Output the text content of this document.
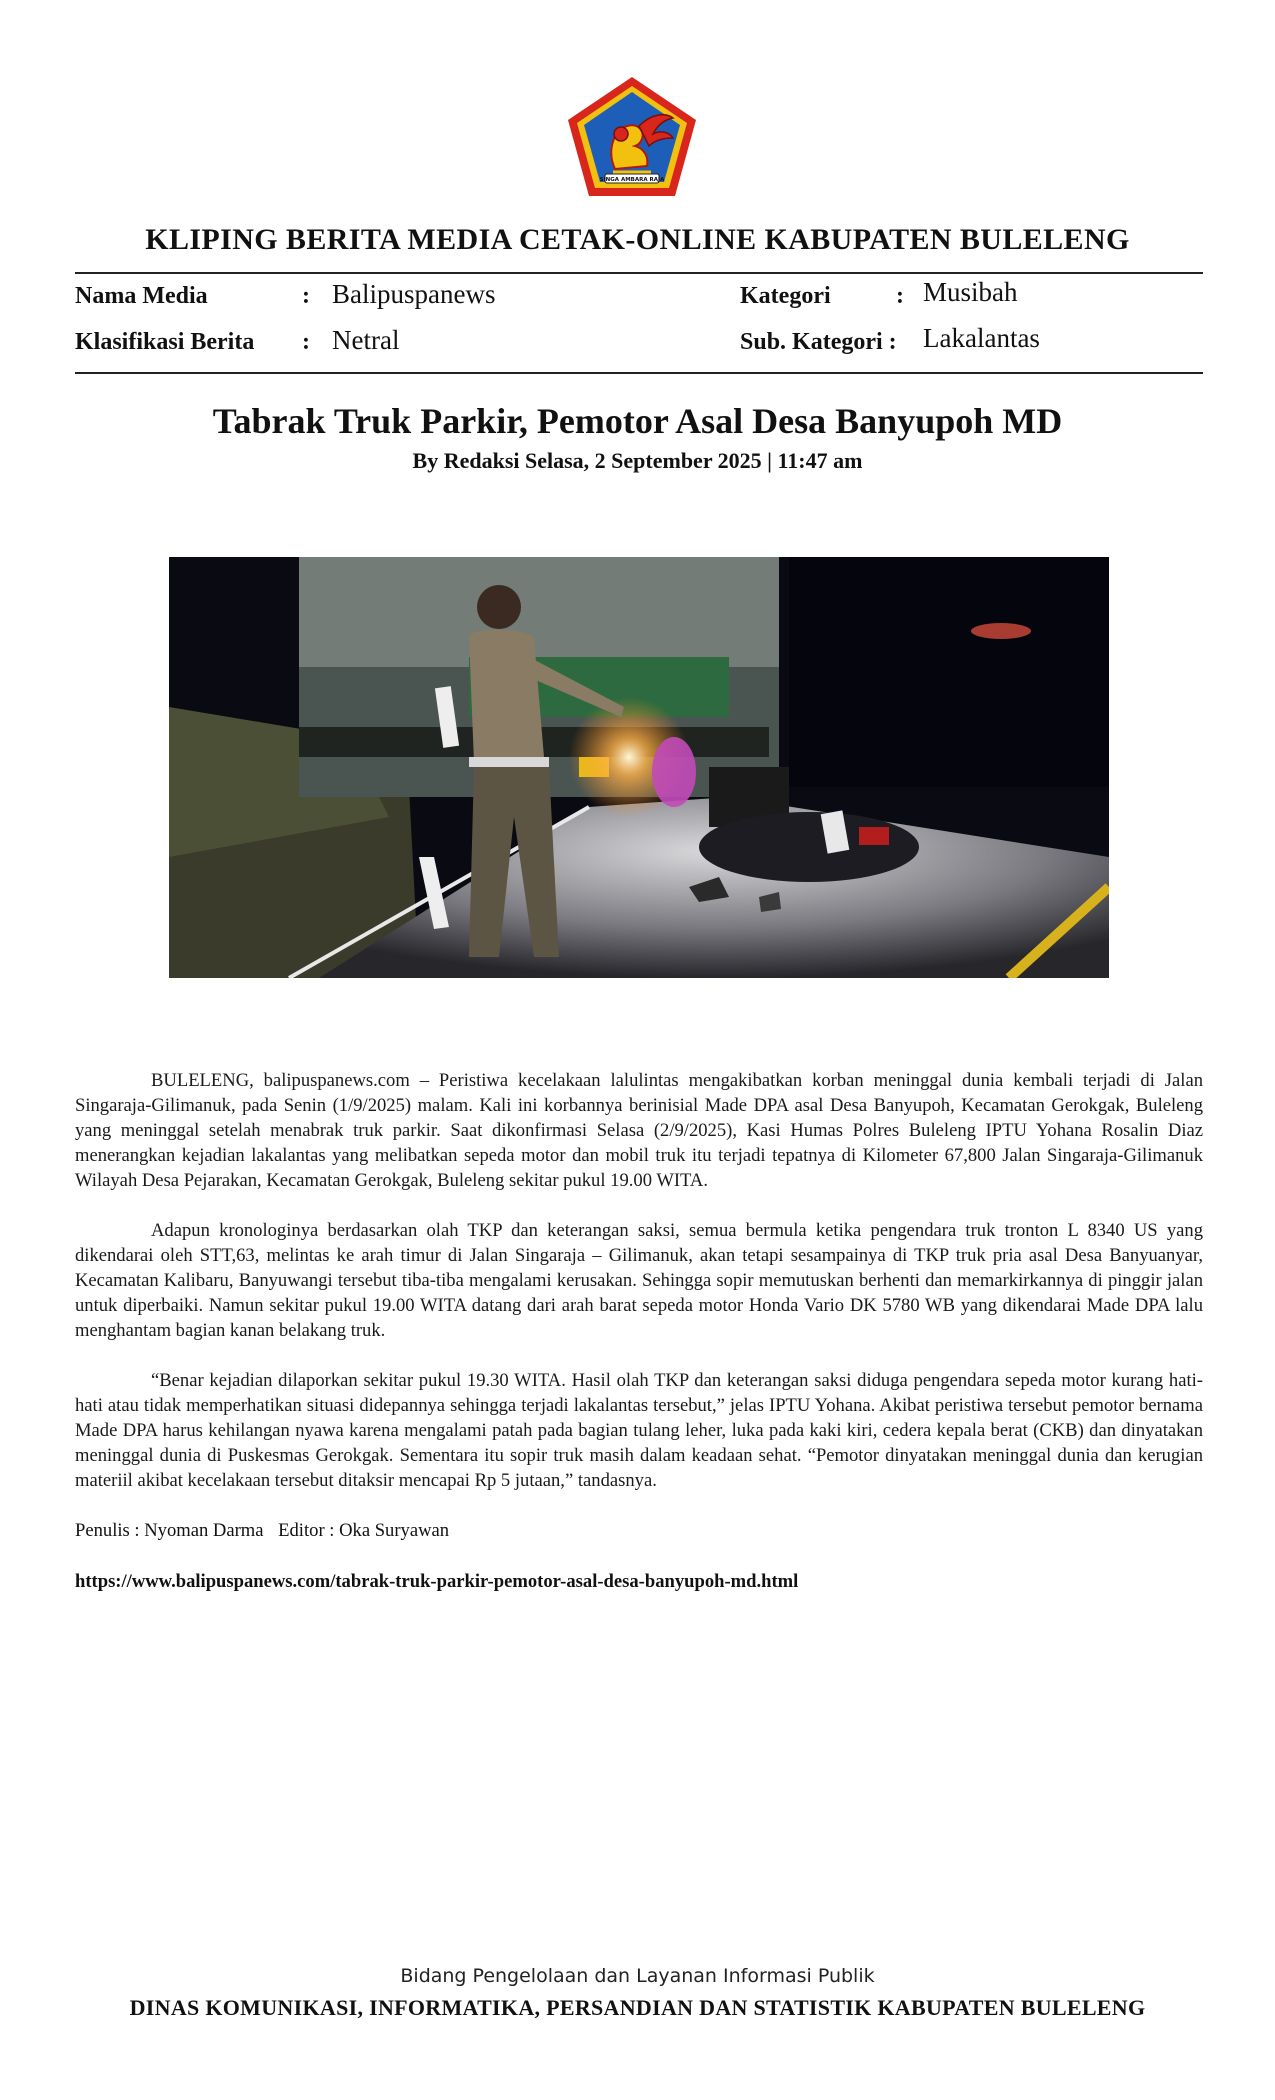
SINGA AMBARA RAJA
KLIPING BERITA MEDIA CETAK-ONLINE KABUPATEN BULELENG
Nama Media	: Balipuspanews
Klasifikasi Berita : Netral
Kategori	: Musibah
Sub. Kategori : Lakalantas
Tabrak Truk Parkir, Pemotor Asal Desa Banyupoh MD
By Redaksi Selasa, 2 September 2025 | 11:47 am

BULELENG, balipuspanews.com – Peristiwa kecelakaan lalulintas mengakibatkan korban meninggal dunia kembali terjadi di Jalan Singaraja-Gilimanuk, pada Senin (1/9/2025) malam. Kali ini korbannya berinisial Made DPA asal Desa Banyupoh, Kecamatan Gerokgak, Buleleng yang meninggal setelah menabrak truk parkir. Saat dikonfirmasi Selasa (2/9/2025), Kasi Humas Polres Buleleng IPTU Yohana Rosalin Diaz menerangkan kejadian lakalantas yang melibatkan sepeda motor dan mobil truk itu terjadi tepatnya di Kilometer 67,800 Jalan Singaraja-Gilimanuk Wilayah Desa Pejarakan, Kecamatan Gerokgak, Buleleng sekitar pukul 19.00 WITA.

Adapun kronologinya berdasarkan olah TKP dan keterangan saksi, semua bermula ketika pengendara truk tronton L 8340 US yang dikendarai oleh STT,63, melintas ke arah timur di Jalan Singaraja – Gilimanuk, akan tetapi sesampainya di TKP truk pria asal Desa Banyuanyar, Kecamatan Kalibaru, Banyuwangi tersebut tiba-tiba mengalami kerusakan. Sehingga sopir memutuskan berhenti dan memarkirkannya di pinggir jalan untuk diperbaiki. Namun sekitar pukul 19.00 WITA datang dari arah barat sepeda motor Honda Vario DK 5780 WB yang dikendarai Made DPA lalu menghantam bagian kanan belakang truk.

“Benar kejadian dilaporkan sekitar pukul 19.30 WITA. Hasil olah TKP dan keterangan saksi diduga pengendara sepeda motor kurang hati-hati atau tidak memperhatikan situasi didepannya sehingga terjadi lakalantas tersebut,” jelas IPTU Yohana. Akibat peristiwa tersebut pemotor bernama Made DPA harus kehilangan nyawa karena mengalami patah pada bagian tulang leher, luka pada kaki kiri, cedera kepala berat (CKB) dan dinyatakan meninggal dunia di Puskesmas Gerokgak. Sementara itu sopir truk masih dalam keadaan sehat. “Pemotor dinyatakan meninggal dunia dan kerugian materiil akibat kecelakaan tersebut ditaksir mencapai Rp 5 jutaan,” tandasnya.

Penulis : Nyoman Darma Editor : Oka Suryawan
https://www.balipuspanews.com/tabrak-truk-parkir-pemotor-asal-desa-banyupoh-md.html
Bidang Pengelolaan dan Layanan Informasi Publik
DINAS KOMUNIKASI, INFORMATIKA, PERSANDIAN DAN STATISTIK KABUPATEN BULELENG
